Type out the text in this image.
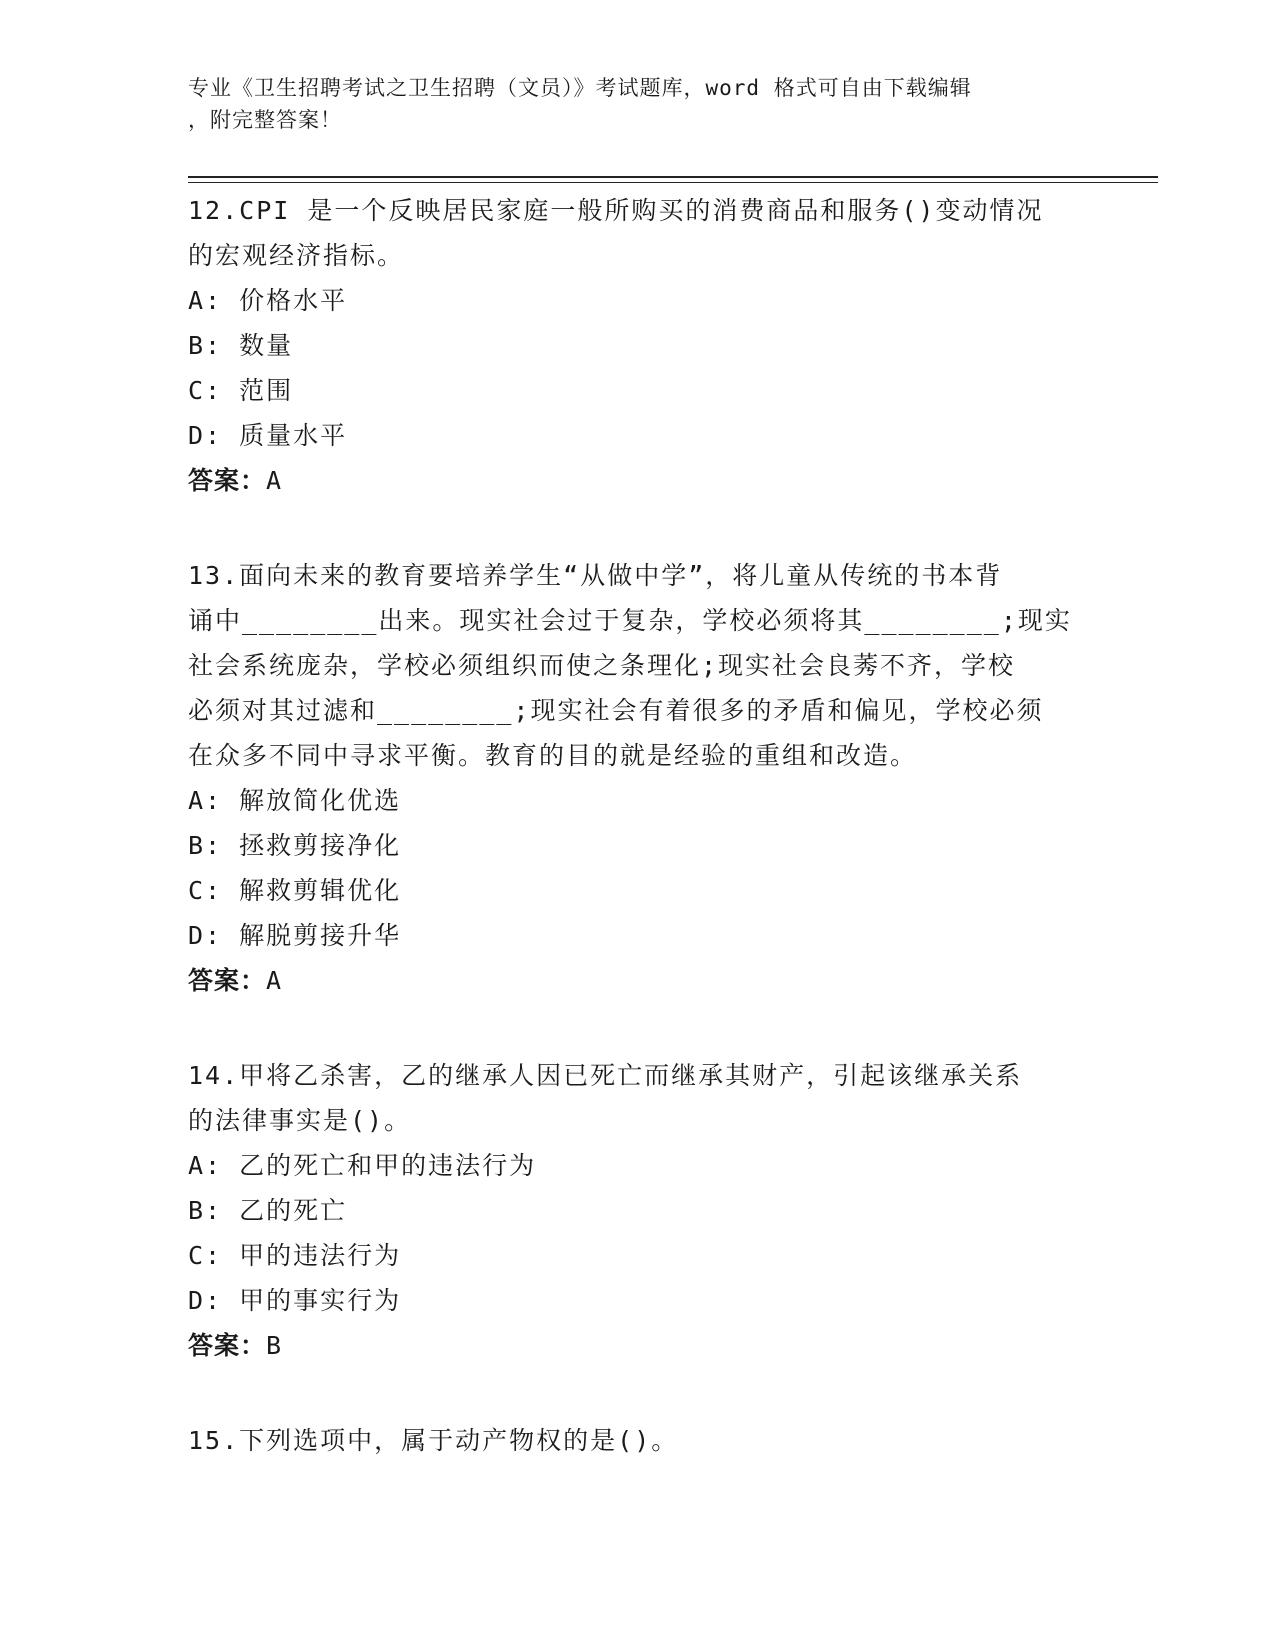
专业《卫生招聘考试之卫生招聘（文员）》考试题库，word 格式可自由下载编辑
，附完整答案！
12.CPI 是一个反映居民家庭一般所购买的消费商品和服务()变动情况
的宏观经济指标。
A: 价格水平
B: 数量
C: 范围
D: 质量水平
答案：A
13.面向未来的教育要培养学生“从做中学”，将儿童从传统的书本背
诵中________出来。现实社会过于复杂，学校必须将其________;现实
社会系统庞杂，学校必须组织而使之条理化;现实社会良莠不齐，学校
必须对其过滤和________;现实社会有着很多的矛盾和偏见，学校必须
在众多不同中寻求平衡。教育的目的就是经验的重组和改造。
A: 解放简化优选
B: 拯救剪接净化
C: 解救剪辑优化
D: 解脱剪接升华
答案：A
14.甲将乙杀害，乙的继承人因已死亡而继承其财产，引起该继承关系
的法律事实是()。
A: 乙的死亡和甲的违法行为
B: 乙的死亡
C: 甲的违法行为
D: 甲的事实行为
答案：B
15.下列选项中，属于动产物权的是()。
